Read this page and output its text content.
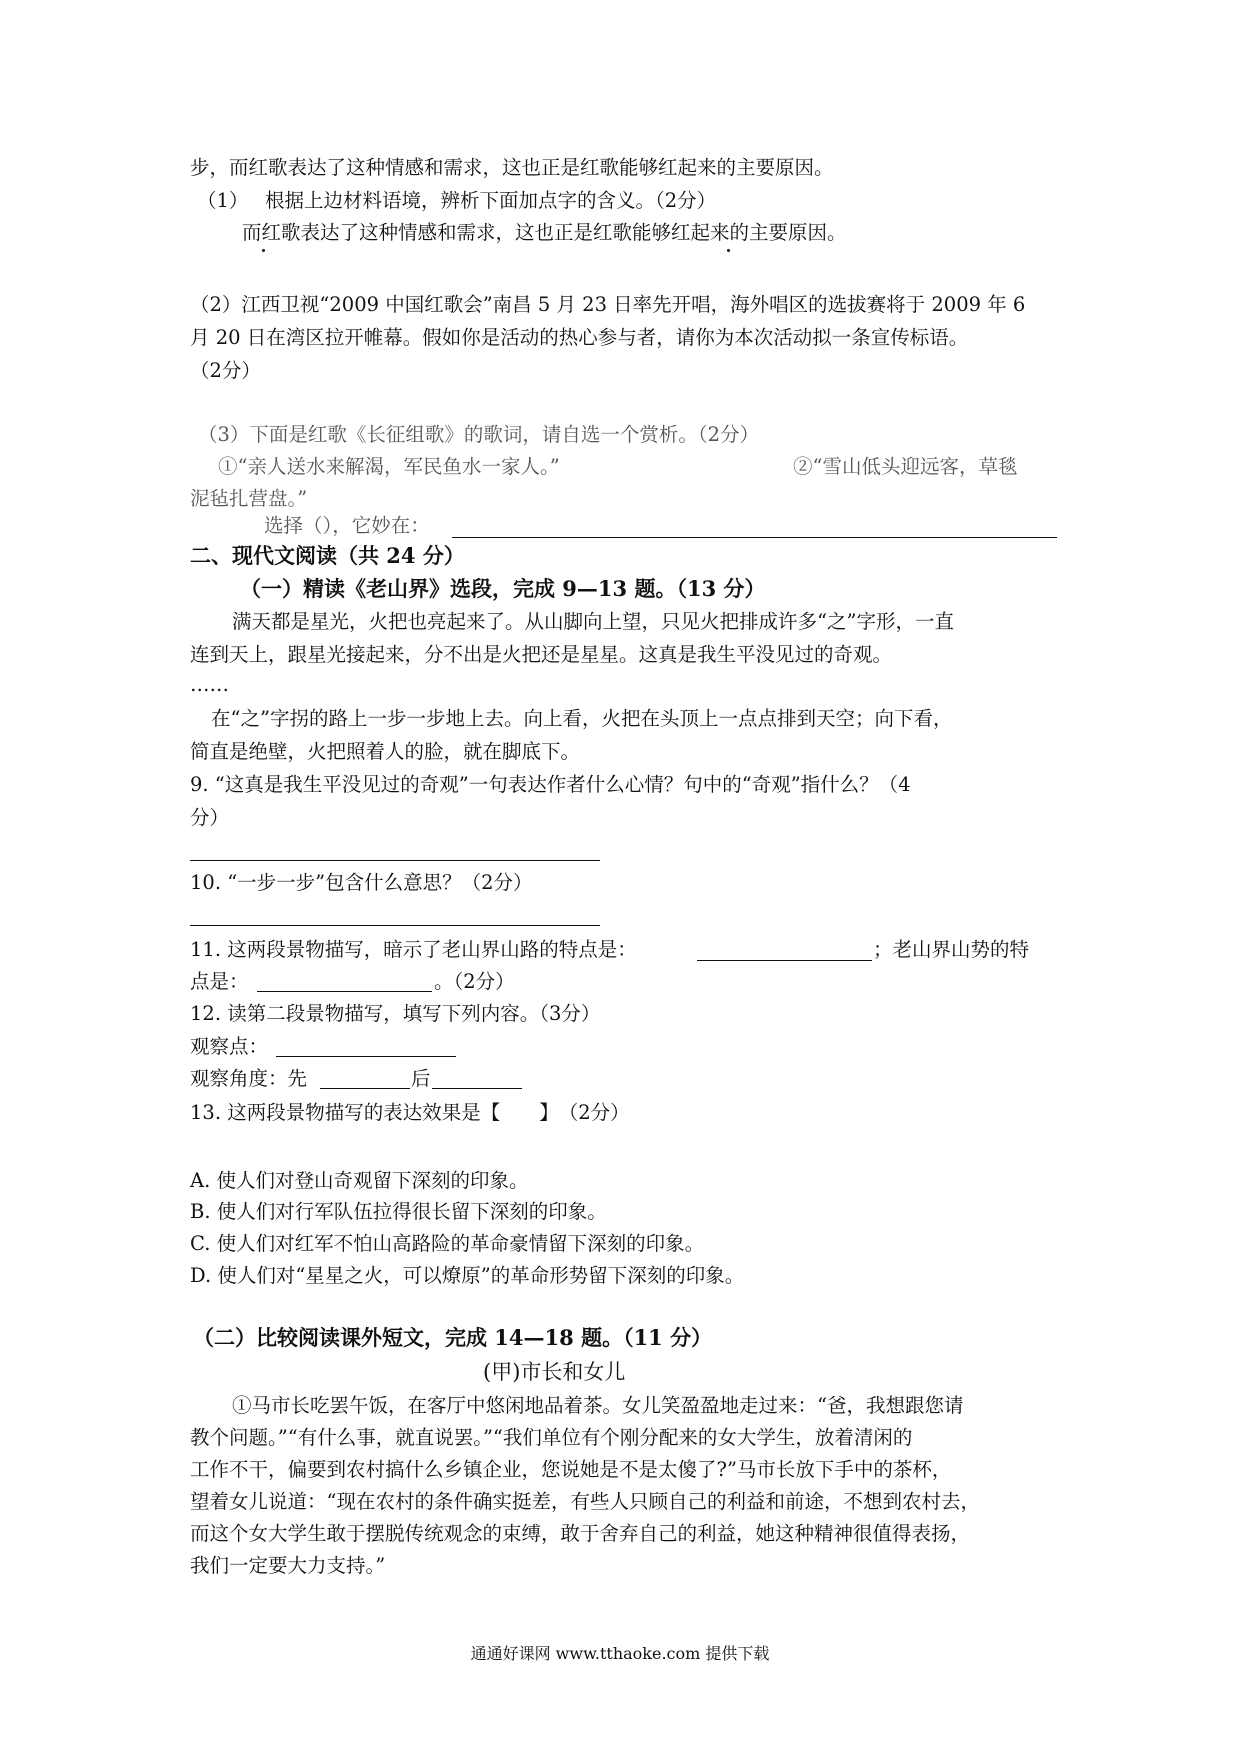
步，而红歌表达了这种情感和需求，这也正是红歌能够红起来的主要原因。
（1） 根据上边材料语境，辨析下面加点字的含义。（2分）
而红歌表达了这种情感和需求，这也正是红歌能够红起来的主要原因。
（2）江西卫视“2009 中国红歌会”南昌 5 月 23 日率先开唱，海外唱区的选拔赛将于 2009 年 6
月 20 日在湾区拉开帷幕。假如你是活动的热心参与者，请你为本次活动拟一条宣传标语。
（2分）
（3）下面是红歌《长征组歌》的歌词，请自选一个赏析。（2分）
①“亲人送水来解渴，军民鱼水一家人。”	②“雪山低头迎远客，草毯
泥毡扎营盘。”
选择（），它妙在：
二、现代文阅读（共 24 分）
（一）精读《老山界》选段，完成 9—13 题。（13 分）
满天都是星光，火把也亮起来了。从山脚向上望，只见火把排成许多“之”字形，一直
连到天上，跟星光接起来，分不出是火把还是星星。这真是我生平没见过的奇观。
……
在“之”字拐的路上一步一步地上去。向上看，火把在头顶上一点点排到天空；向下看，
简直是绝壁，火把照着人的脸，就在脚底下。
9. “这真是我生平没见过的奇观”一句表达作者什么心情？句中的“奇观”指什么？（4
分）
10. “一步一步”包含什么意思？（2分）
11. 这两段景物描写，暗示了老山界山路的特点是：	；老山界山势的特
点是：	。（2分）
12. 读第二段景物描写，填写下列内容。（3分）
观察点：
观察角度：先	后
13. 这两段景物描写的表达效果是【　　】　（2分）
A. 使人们对登山奇观留下深刻的印象。
B. 使人们对行军队伍拉得很长留下深刻的印象。
C. 使人们对红军不怕山高路险的革命豪情留下深刻的印象。
D. 使人们对“星星之火，可以燎原”的革命形势留下深刻的印象。
（二）比较阅读课外短文，完成 14—18 题。（11 分）
(甲)市长和女儿
①马市长吃罢午饭，在客厅中悠闲地品着茶。女儿笑盈盈地走过来：“爸，我想跟您请
教个问题。”“有什么事，就直说罢。”“我们单位有个刚分配来的女大学生，放着清闲的
工作不干，偏要到农村搞什么乡镇企业，您说她是不是太傻了?”马市长放下手中的茶杯，
望着女儿说道：“现在农村的条件确实挺差，有些人只顾自己的利益和前途，不想到农村去，
而这个女大学生敢于摆脱传统观念的束缚，敢于舍弃自己的利益，她这种精神很值得表扬，
我们一定要大力支持。”
通通好课网 www.tthaoke.com 提供下载
